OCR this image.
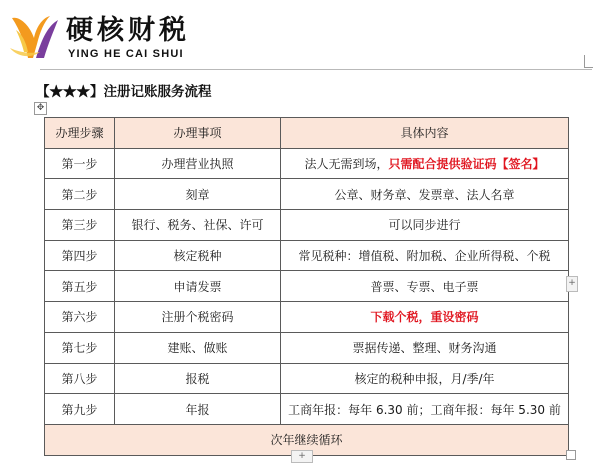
硬核财税
YING HE CAI SHUI
【★★★】注册记账服务流程
✥
办理步骤	办理事项	具体内容
第一步	办理营业执照	法人无需到场，只需配合提供验证码【签名】
第二步	刻章	公章、财务章、发票章、法人名章
第三步	银行、税务、社保、许可	可以同步进行
第四步	核定税种	常见税种：增值税、附加税、企业所得税、个税
第五步	申请发票	普票、专票、电子票
第六步	注册个税密码	下载个税，重设密码
第七步	建账、做账	票据传递、整理、财务沟通
第八步	报税	核定的税种申报，月/季/年
第九步	年报	工商年报：每年 6.30 前；工商年报：每年 5.30 前
次年继续循环		
+
+
